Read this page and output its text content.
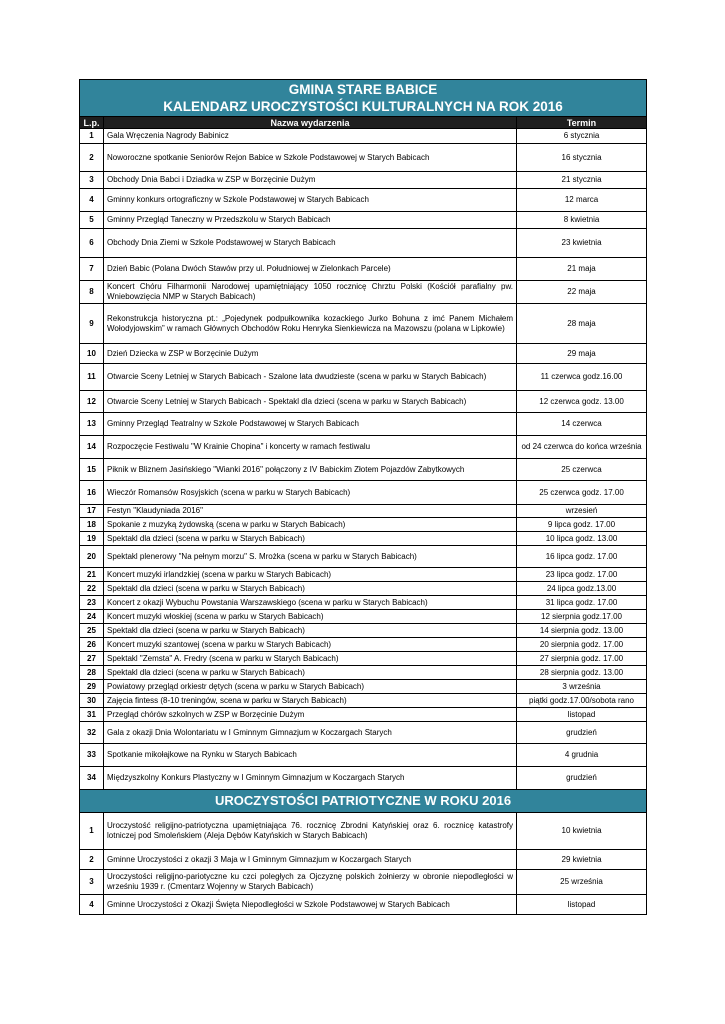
GMINA STARE BABICE
KALENDARZ UROCZYSTOŚCI KULTURALNYCH NA ROK 2016		

L.p.	Nazwa wydarzenia	Termin
1	Gala Wręczenia Nagrody Babinicz	6 stycznia
2	Noworoczne spotkanie Seniorów Rejon Babice w Szkole Podstawowej w Starych Babicach	16 stycznia
3	Obchody Dnia Babci i Dziadka w ZSP w Borzęcinie Dużym	21 stycznia
4	Gminny konkurs ortograficzny w Szkole Podstawowej w Starych Babicach	12 marca
5	Gminny Przegląd Taneczny w Przedszkolu w Starych Babicach	8 kwietnia
6	Obchody Dnia Ziemi w Szkole Podstawowej w Starych Babicach	23 kwietnia
7	Dzień Babic (Polana Dwóch Stawów przy ul. Południowej w Zielonkach Parcele)	21 maja
8	Koncert Chóru Filharmonii Narodowej upamiętniający 1050 rocznicę Chrztu Polski (Kościół parafialny pw. Wniebowzięcia NMP w Starych Babicach)	22 maja
9	Rekonstrukcja historyczna pt.: „Pojedynek podpułkownika kozackiego Jurko Bohuna z imć Panem Michałem Wołodyjowskim” w ramach Głównych Obchodów Roku Henryka Sienkiewicza na Mazowszu (polana w Lipkowie)	28 maja
10	Dzień Dziecka w ZSP w Borzęcinie Dużym	29 maja
11	Otwarcie Sceny Letniej w Starych Babicach - Szalone lata dwudzieste (scena w parku w Starych Babicach)	11 czerwca godz.16.00
12	Otwarcie Sceny Letniej w Starych Babicach - Spektakl dla dzieci (scena w parku w Starych Babicach)	12 czerwca godz. 13.00
13	Gminny Przegląd Teatralny w Szkole Podstawowej w Starych Babicach	14 czerwca
14	Rozpoczęcie Festiwalu "W Krainie Chopina" i koncerty w ramach festiwalu	od 24 czerwca do końca września
15	Piknik w Bliznem Jasińskiego "Wianki 2016" połączony z IV Babickim Złotem Pojazdów Zabytkowych	25 czerwca
16	Wieczór Romansów Rosyjskich (scena w parku w Starych Babicach)	25 czerwca godz. 17.00
17	Festyn "Klaudyniada 2016"	wrzesień
18	Spokanie z muzyką żydowską (scena w parku w Starych Babicach)	9 lipca godz. 17.00
19	Spektakl dla dzieci (scena w parku w Starych Babicach)	10 lipca godz. 13.00
20	Spektakl plenerowy "Na pełnym morzu" S. Mrożka (scena w parku w Starych Babicach)	16 lipca godz. 17.00
21	Koncert muzyki irlandzkiej (scena w parku w Starych Babicach)	23 lipca godz. 17.00
22	Spektakl dla dzieci (scena w parku w Starych Babicach)	24 lipca godz.13.00
23	Koncert z okazji Wybuchu Powstania Warszawskiego (scena w parku w Starych Babicach)	31 lipca godz. 17.00
24	Koncert muzyki włoskiej (scena w parku w Starych Babicach)	12 sierpnia godz.17.00
25	Spektakl dla dzieci (scena w parku w Starych Babicach)	14 sierpnia godz. 13.00
26	Koncert muzyki szantowej (scena w parku w Starych Babicach)	20 sierpnia godz. 17.00
27	Spektakl "Zemsta" A. Fredry (scena w parku w Starych Babicach)	27 sierpnia godz. 17.00
28	Spektakl dla dzieci (scena w parku w Starych Babicach)	28 sierpnia godz. 13.00
29	Powiatowy przegląd orkiestr dętych (scena w parku w Starych Babicach)	3 września
30	Zajęcia fintess (8-10 treningów, scena w parku w Starych Babicach)	piątki godz.17.00/sobota rano
31	Przegląd chórów szkolnych w ZSP w Borzęcinie Dużym	listopad
32	Gala z okazji Dnia Wolontariatu w I Gminnym Gimnazjum w Koczargach Starych	grudzień
33	Spotkanie mikołajkowe na Rynku w Starych Babicach	4 grudnia
34	Międzyszkolny Konkurs Plastyczny w I Gminnym Gimnazjum w Koczargach Starych	grudzień
UROCZYSTOŚCI PATRIOTYCZNE W ROKU 2016		
1	Uroczystość religijno-patriotyczna upamiętniająca 76. rocznicę Zbrodni Katyńskiej oraz 6. rocznicę katastrofy lotniczej pod Smoleńskiem (Aleja Dębów Katyńskich w Starych Babicach)	10 kwietnia
2	Gminne Uroczystości z okazji 3 Maja w I Gminnym Gimnazjum w Koczargach Starych	29 kwietnia
3	Uroczystości religijno-pariotyczne ku czci poległych za Ojczyznę polskich żołnierzy w obronie niepodległości w wrześniu 1939 r. (Cmentarz Wojenny w Starych Babicach)	25 września
4	Gminne Uroczystości z Okazji Święta Niepodległości w Szkole Podstawowej w Starych Babicach	listopad
